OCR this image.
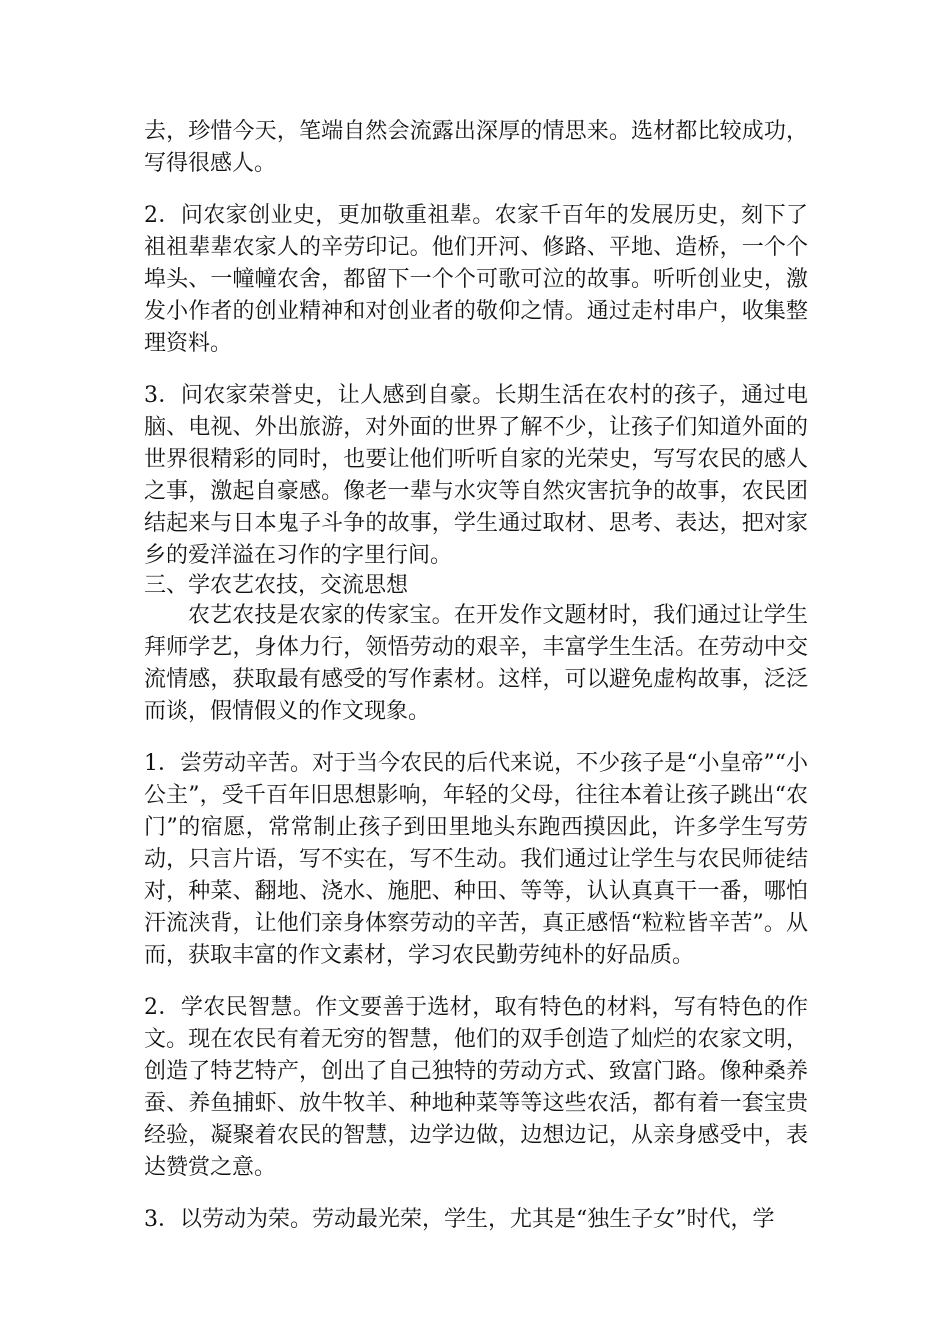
去，珍惜今天，笔端自然会流露出深厚的情思来。选材都比较成功，写得很感人。

2．问农家创业史，更加敬重祖辈。农家千百年的发展历史，刻下了祖祖辈辈农家人的辛劳印记。他们开河、修路、平地、造桥，一个个埠头、一幢幢农舍，都留下一个个可歌可泣的故事。听听创业史，激发小作者的创业精神和对创业者的敬仰之情。通过走村串户，收集整理资料。

3．问农家荣誉史，让人感到自豪。长期生活在农村的孩子，通过电脑、电视、外出旅游，对外面的世界了解不少，让孩子们知道外面的世界很精彩的同时，也要让他们听听自家的光荣史，写写农民的感人之事，激起自豪感。像老一辈与水灾等自然灾害抗争的故事，农民团结起来与日本鬼子斗争的故事，学生通过取材、思考、表达，把对家乡的爱洋溢在习作的字里行间。

三、学农艺农技，交流思想

农艺农技是农家的传家宝。在开发作文题材时，我们通过让学生拜师学艺，身体力行，领悟劳动的艰辛，丰富学生生活。在劳动中交流情感，获取最有感受的写作素材。这样，可以避免虚构故事，泛泛而谈，假情假义的作文现象。

1．尝劳动辛苦。对于当今农民的后代来说，不少孩子是“小皇帝”“小公主”，受千百年旧思想影响，年轻的父母，往往本着让孩子跳出“农门”的宿愿，常常制止孩子到田里地头东跑西摸因此，许多学生写劳动，只言片语，写不实在，写不生动。我们通过让学生与农民师徒结对，种菜、翻地、浇水、施肥、种田、等等，认认真真干一番，哪怕汗流浃背，让他们亲身体察劳动的辛苦，真正感悟“粒粒皆辛苦”。从而，获取丰富的作文素材，学习农民勤劳纯朴的好品质。

2．学农民智慧。作文要善于选材，取有特色的材料，写有特色的作文。现在农民有着无穷的智慧，他们的双手创造了灿烂的农家文明，创造了特艺特产，创出了自己独特的劳动方式、致富门路。像种桑养蚕、养鱼捕虾、放牛牧羊、种地种菜等等这些农活，都有着一套宝贵经验，凝聚着农民的智慧，边学边做，边想边记，从亲身感受中，表达赞赏之意。

3．以劳动为荣。劳动最光荣，学生，尤其是“独生子女”时代，学
